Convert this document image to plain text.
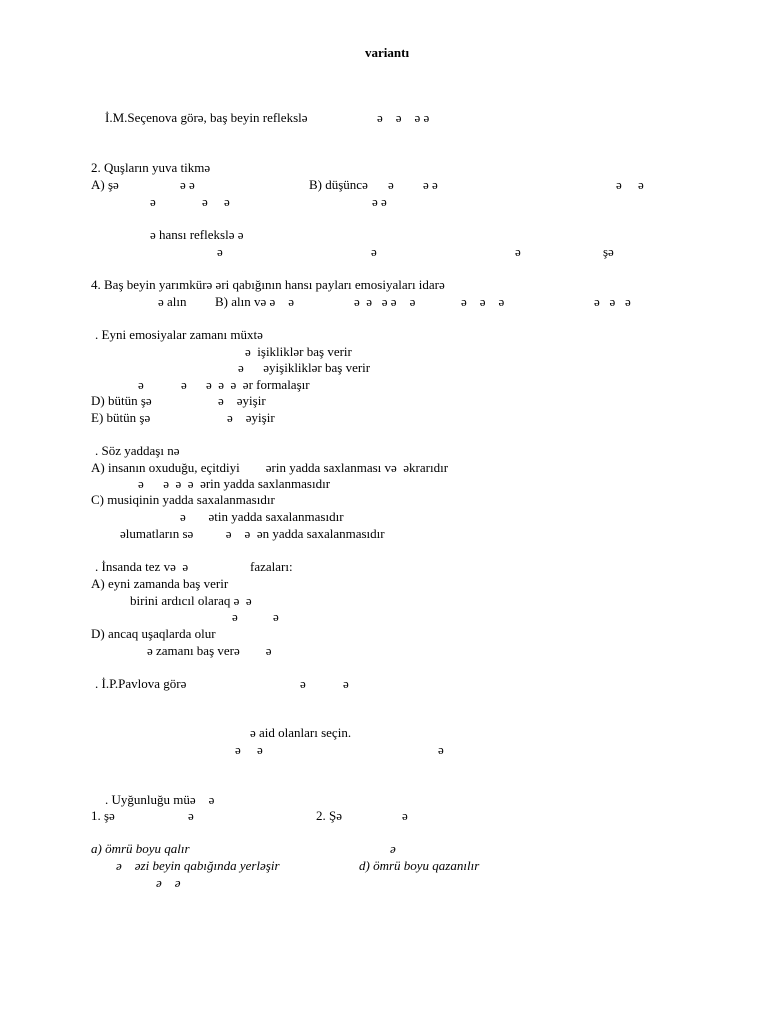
variantı
İ.M.Seçenova görə, baş beyin reflekslə	ə    ə    ə ə
2. Quşların yuva tikmə
A) şə	ə ə	B) düşüncə ə ə ə	ə     ə
ə	ə     ə	ə ə
ə hansı reflekslə ə
ə	ə	ə	şə
4. Baş beyin yarımkürə əri qabığının hansı payları emosiyaları idarə
ə alın B) alın və ə    ə	ə  ə   ə ə    ə	ə    ə    ə	ə   ə   ə
. Eyni emosiyalar zamanı müxtə
ə  işikliklər baş verir
ə      əyişikliklər baş verir
ə	ə ə  ə  ə  ər formalaşır
D) bütün şə	ə    əyişir
E) bütün şə	ə    əyişir
. Söz yaddaşı nə
A) insanın oxuduğu, eçitdiyi        ərin yadda saxlanması və  əkrarıdır
ə      ə  ə  ə  ərin yadda saxlanmasıdır
C) musiqinin yadda saxalanmasıdır
ə       ətin yadda saxalanmasıdır
əlumatların sə          ə    ə  ən yadda saxalanmasıdır
. İnsanda tez və  ə	fazaları:
A) eyni zamanda baş verir
birini ardıcıl olaraq ə  ə
ə	ə
D) ancaq uşaqlarda olur
ə zamanı baş verə        ə
. İ.P.Pavlova görə	ə	ə
ə aid olanları seçin.
ə     ə	ə
. Uyğunluğu müə    ə
1. şə	ə	2. Şə	ə
a) ömrü boyu qalır	ə
ə    əzi beyin qabığında yerləşir	d) ömrü boyu qazanılır
ə    ə
